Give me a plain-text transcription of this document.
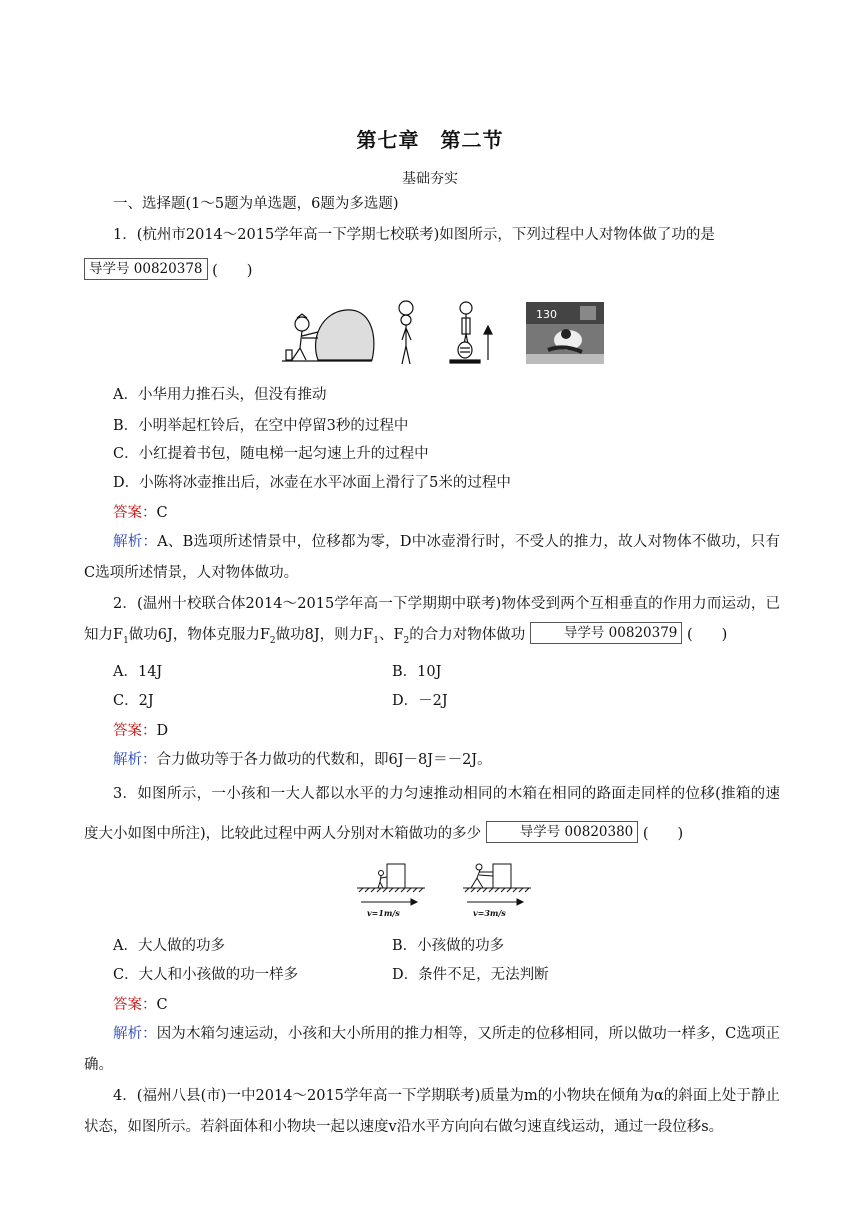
第七章　第二节
基础夯实
一、选择题(1～5题为单选题，6题为多选题)
1．(杭州市2014～2015学年高一下学期七校联考)如图所示，下列过程中人对物体做了功的是
导学号 00820378 (　　)
130
A．小华用力推石头，但没有推动
B．小明举起杠铃后，在空中停留3秒的过程中
C．小红提着书包，随电梯一起匀速上升的过程中
D．小陈将冰壶推出后，冰壶在水平冰面上滑行了5米的过程中
答案：C
解析：A、B选项所述情景中，位移都为零，D中冰壶滑行时，不受人的推力，故人对物体不做功，只有C选项所述情景，人对物体做功。
2．(温州十校联合体2014～2015学年高一下学期期中联考)物体受到两个互相垂直的作用力而运动，已知力$F_1$做功6J，物体克服力$F_2$做功8J，则力$F_1$、$F_2$的合力对物体做功	导学号 00820379 (　　)
A．14J	B．10J
C．2J	D．－2J
答案：D
解析：合力做功等于各力做功的代数和，即6J－8J＝－2J。
3．如图所示，一小孩和一大人都以水平的力匀速推动相同的木箱在相同的路面走同样的位移(推箱的速度大小如图中所注)，比较此过程中两人分别对木箱做功的多少	导学号 00820380 (　　)
v=1m/s	v=3m/s
A．大人做的功多	B．小孩做的功多
C．大人和小孩做的功一样多	D．条件不足，无法判断
答案：C
解析：因为木箱匀速运动，小孩和大小所用的推力相等，又所走的位移相同，所以做功一样多，C选项正确。
4．(福州八县(市)一中2014～2015学年高一下学期联考)质量为m的小物块在倾角为α的斜面上处于静止状态，如图所示。若斜面体和小物块一起以速度v沿水平方向向右做匀速直线运动，通过一段位移s。
